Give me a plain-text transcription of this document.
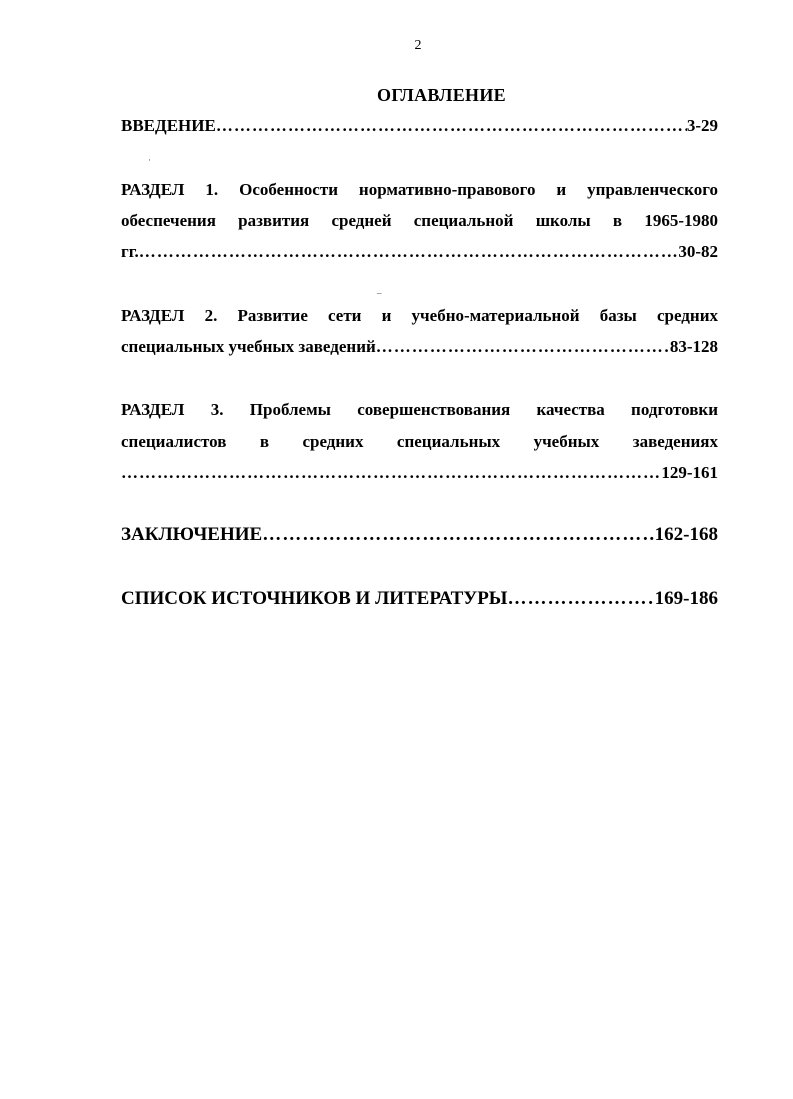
2
ОГЛАВЛЕНИЕ
ВВЕДЕНИЕ ……………………………………………………………………………………………………………………………………………………………………………………………	3-29
РАЗДЕЛ 1. Особенности нормативно-правового и управленческого
обеспечения развития средней специальной школы в 1965-1980
гг. ……………………………………………………………………………………………………………………………………………………………………………………………	30-82
РАЗДЕЛ 2. Развитие сети и учебно-материальной базы средних
специальных учебных заведений ……………………………………………………………………………………………………………………………………………………………………………………………	83-128
РАЗДЕЛ 3. Проблемы совершенствования качества подготовки
специалистов в средних специальных учебных заведениях
……………………………………………………………………………………………………………………………………………………………………………………………
129-161
ЗАКЛЮЧЕНИЕ ……………………………………………………………………………………………………………………………………………………………………………………………	162-168
СПИСОК ИСТОЧНИКОВ И ЛИТЕРАТУРЫ ……………………………………………………………………………………………………………………………………………………………………………………………	169-186
·
–
